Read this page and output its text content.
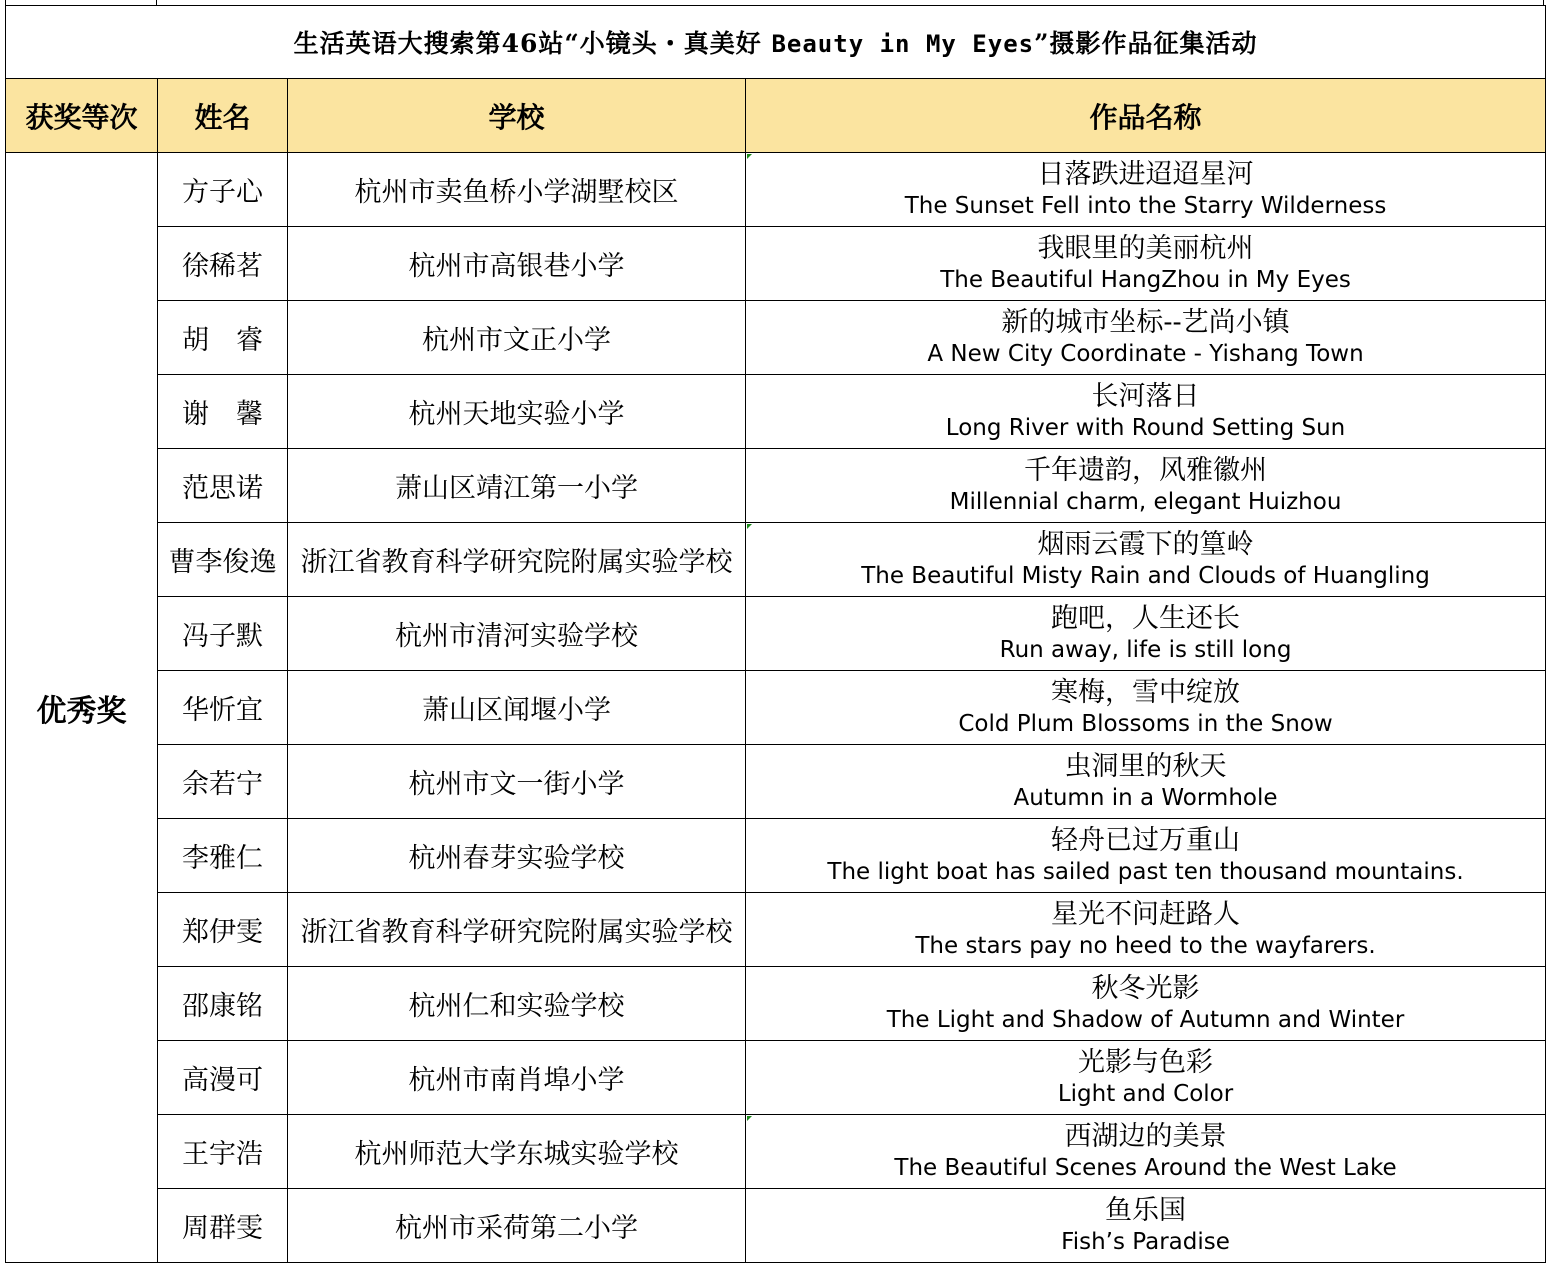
生活英语大搜索第46站“小镜头・真美好 Beauty in My Eyes”摄影作品征集活动			
获奖等次	姓名	学校	作品名称
优秀奖	方子心	杭州市卖鱼桥小学湖墅校区	日落跌进迢迢星河
The Sunset Fell into the Starry Wilderness

	徐稀茗	杭州市高银巷小学	我眼里的美丽杭州
The Beautiful HangZhou in My Eyes

	胡　睿	杭州市文正小学	新的城市坐标--艺尚小镇
A New City Coordinate - Yishang Town

	谢　馨	杭州天地实验小学	长河落日
Long River with Round Setting Sun

	范思诺	萧山区靖江第一小学	千年遗韵，风雅徽州
Millennial charm, elegant Huizhou

	曹李俊逸	浙江省教育科学研究院附属实验学校	烟雨云霞下的篁岭
The Beautiful Misty Rain and Clouds of Huangling

	冯子默	杭州市清河实验学校	跑吧，人生还长
Run away, life is still long

	华忻宜	萧山区闻堰小学	寒梅，雪中绽放
Cold Plum Blossoms in the Snow

	余若宁	杭州市文一街小学	虫洞里的秋天
Autumn in a Wormhole

	李雅仁	杭州春芽实验学校	轻舟已过万重山
The light boat has sailed past ten thousand mountains.

	郑伊雯	浙江省教育科学研究院附属实验学校	星光不问赶路人
The stars pay no heed to the wayfarers.

	邵康铭	杭州仁和实验学校	秋冬光影
The Light and Shadow of Autumn and Winter

	高漫可	杭州市南肖埠小学	光影与色彩
Light and Color

	王宇浩	杭州师范大学东城实验学校	西湖边的美景
The Beautiful Scenes Around the West Lake

	周群雯	杭州市采荷第二小学	鱼乐国
Fish’s Paradise
